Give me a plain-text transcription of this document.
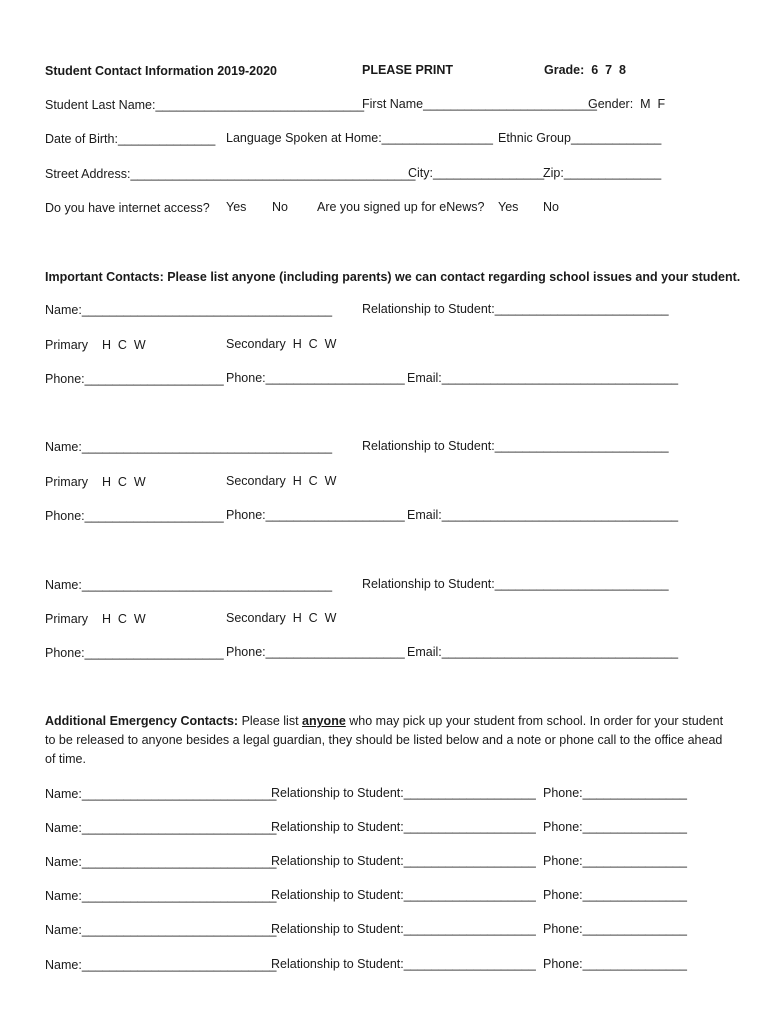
Student Contact Information 2019-2020	PLEASE PRINT	Grade:  6  7  8
Student Last Name:______________________________
First Name_________________________
Gender:  M  F
Date of Birth:______________ Language Spoken at Home:________________ Ethnic Group_____________
Street Address:_________________________________________
City:________________
Zip:______________
Do you have internet access? Yes No Are you signed up for eNews? Yes No
Important Contacts: Please list anyone (including parents) we can contact regarding school issues and your student.
Name:____________________________________ Relationship to Student:_________________________
Primary    H  C  W	Secondary  H  C  W
Phone:____________________ Phone:____________________ Email:__________________________________
Name:____________________________________ Relationship to Student:_________________________
Primary    H  C  W	Secondary  H  C  W
Phone:____________________ Phone:____________________ Email:__________________________________
Name:____________________________________ Relationship to Student:_________________________
Primary    H  C  W	Secondary  H  C  W
Phone:____________________ Phone:____________________ Email:__________________________________
Additional Emergency Contacts: Please list anyone who may pick up your student from school. In order for your student to be released to anyone besides a legal guardian, they should be listed below and a note or phone call to the office ahead of time.
Name:____________________________
Relationship to Student:___________________ Phone:_______________
Name:____________________________
Relationship to Student:___________________ Phone:_______________
Name:____________________________
Relationship to Student:___________________ Phone:_______________
Name:____________________________
Relationship to Student:___________________ Phone:_______________
Name:____________________________
Relationship to Student:___________________ Phone:_______________
Name:____________________________
Relationship to Student:___________________ Phone:_______________
